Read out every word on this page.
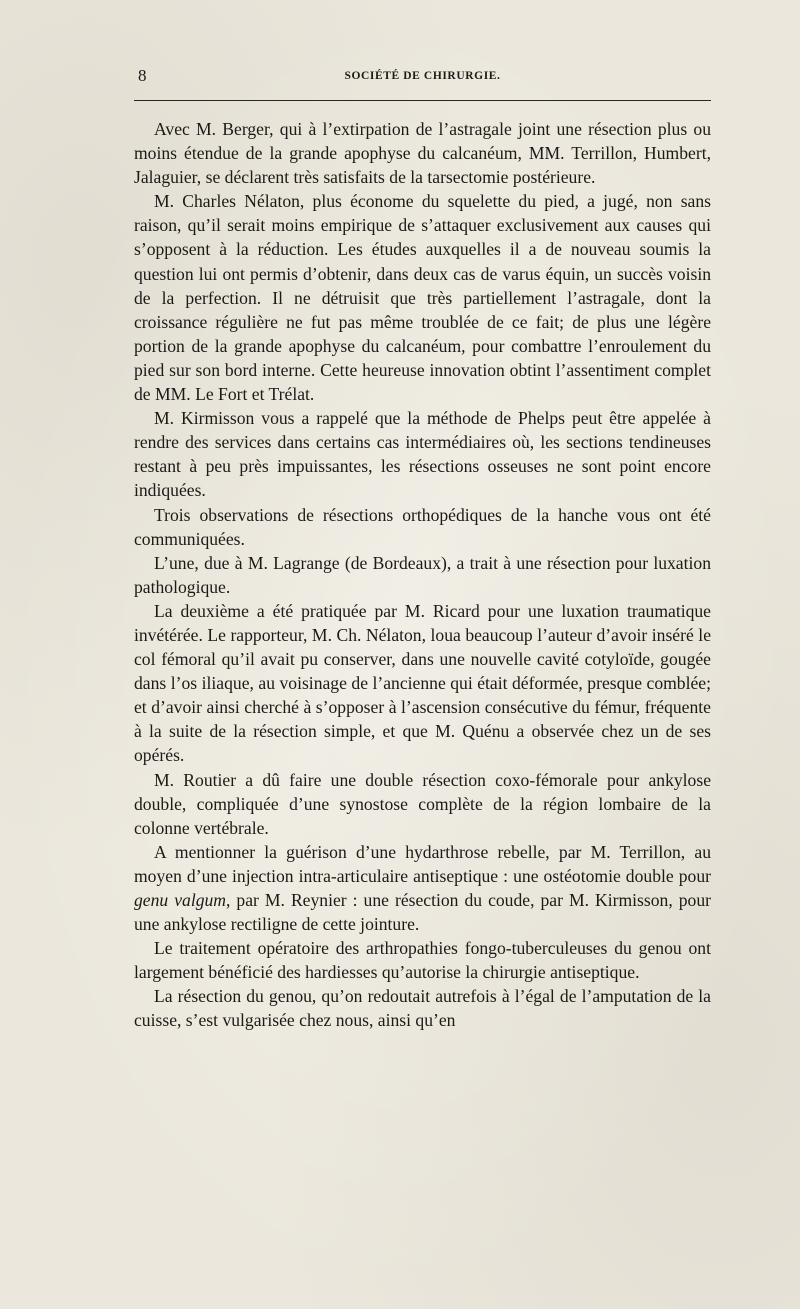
8	SOCIÉTÉ DE CHIRURGIE.

Avec M. Berger, qui à l’extirpation de l’astragale joint une résection plus ou moins étendue de la grande apophyse du calcanéum, MM. Terrillon, Humbert, Jalaguier, se déclarent très satisfaits de la tarsectomie postérieure.

M. Charles Nélaton, plus économe du squelette du pied, a jugé, non sans raison, qu’il serait moins empirique de s’attaquer exclusivement aux causes qui s’opposent à la réduction. Les études auxquelles il a de nouveau soumis la question lui ont permis d’obtenir, dans deux cas de varus équin, un succès voisin de la perfection. Il ne détruisit que très partiellement l’astragale, dont la croissance régulière ne fut pas même troublée de ce fait; de plus une légère portion de la grande apophyse du calcanéum, pour combattre l’enroulement du pied sur son bord interne. Cette heureuse innovation obtint l’assentiment complet de MM. Le Fort et Trélat.

M. Kirmisson vous a rappelé que la méthode de Phelps peut être appelée à rendre des services dans certains cas intermédiaires où, les sections tendineuses restant à peu près impuissantes, les résections osseuses ne sont point encore indiquées.

Trois observations de résections orthopédiques de la hanche vous ont été communiquées.

L’une, due à M. Lagrange (de Bordeaux), a trait à une résection pour luxation pathologique.

La deuxième a été pratiquée par M. Ricard pour une luxation traumatique invétérée. Le rapporteur, M. Ch. Nélaton, loua beaucoup l’auteur d’avoir inséré le col fémoral qu’il avait pu conserver, dans une nouvelle cavité cotyloïde, gougée dans l’os iliaque, au voisinage de l’ancienne qui était déformée, presque comblée; et d’avoir ainsi cherché à s’opposer à l’ascension consécutive du fémur, fréquente à la suite de la résection simple, et que M. Quénu a observée chez un de ses opérés.

M. Routier a dû faire une double résection coxo-fémorale pour ankylose double, compliquée d’une synostose complète de la région lombaire de la colonne vertébrale.

A mentionner la guérison d’une hydarthrose rebelle, par M. Terrillon, au moyen d’une injection intra-articulaire antiseptique : une ostéotomie double pour genu valgum, par M. Reynier : une résection du coude, par M. Kirmisson, pour une ankylose rectiligne de cette jointure.

Le traitement opératoire des arthropathies fongo-tuberculeuses du genou ont largement bénéficié des hardiesses qu’autorise la chirurgie antiseptique.

La résection du genou, qu’on redoutait autrefois à l’égal de l’amputation de la cuisse, s’est vulgarisée chez nous, ainsi qu’en
